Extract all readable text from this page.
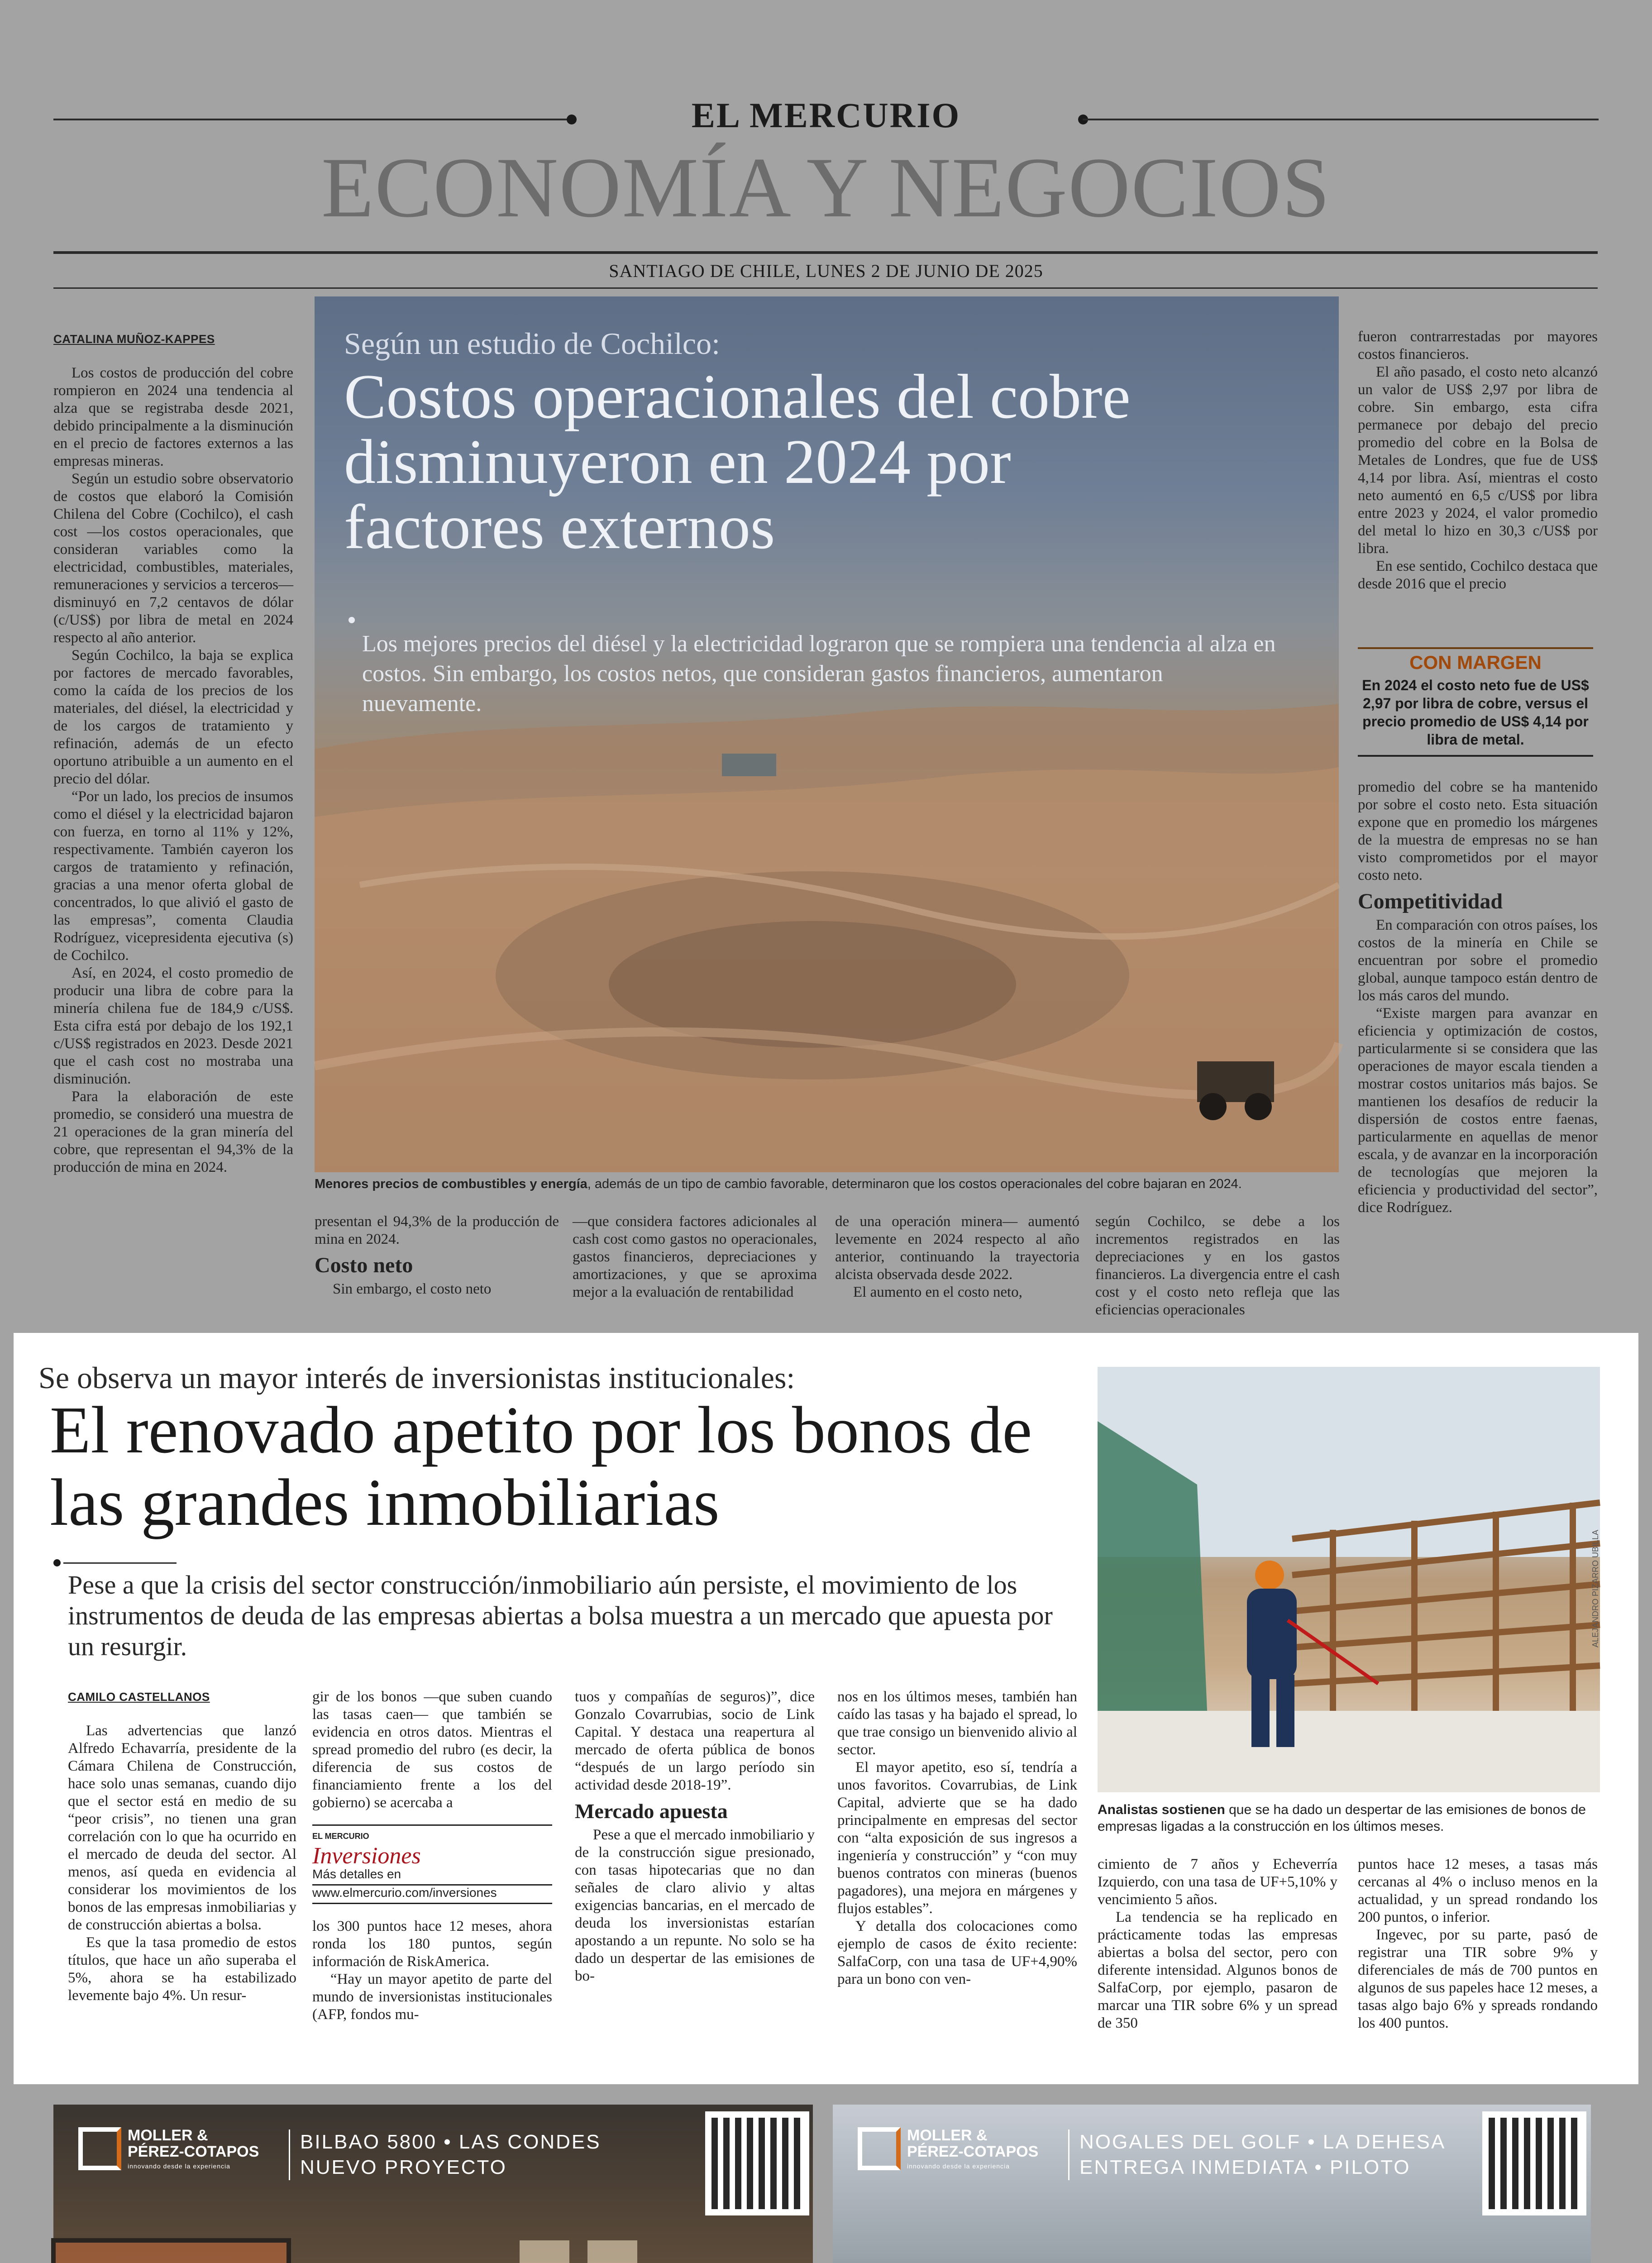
EL MERCURIO
ECONOMÍA Y NEGOCIOS
SANTIAGO DE CHILE, LUNES 2 DE JUNIO DE 2025

CATALINA MUÑOZ-KAPPES

Los costos de producción del cobre rompieron en 2024 una tendencia al alza que se registraba desde 2021, debido principalmente a la disminución en el precio de factores externos a las empresas mineras.

Según un estudio sobre observatorio de costos que elaboró la Comisión Chilena del Cobre (Cochilco), el cash cost —los costos operacionales, que consideran variables como la electricidad, combustibles, materiales, remuneraciones y servicios a terceros— disminuyó en 7,2 centavos de dólar (c/US$) por libra de metal en 2024 respecto al año anterior.

Según Cochilco, la baja se explica por factores de mercado favorables, como la caída de los precios de los materiales, del diésel, la electricidad y de los cargos de tratamiento y refinación, además de un efecto oportuno atribuible a un aumento en el precio del dólar.

“Por un lado, los precios de insumos como el diésel y la electricidad bajaron con fuerza, en torno al 11% y 12%, respectivamente. También cayeron los cargos de tratamiento y refinación, gracias a una menor oferta global de concentrados, lo que alivió el gasto de las empresas”, comenta Claudia Rodríguez, vicepresidenta ejecutiva (s) de Cochilco.

Así, en 2024, el costo promedio de producir una libra de cobre para la minería chilena fue de 184,9 c/US$. Esta cifra está por debajo de los 192,1 c/US$ registrados en 2023. Desde 2021 que el cash cost no mostraba una disminución.

Para la elaboración de este promedio, se consideró una muestra de 21 operaciones de la gran minería del cobre, que representan el 94,3% de la producción de mina en 2024.

Según un estudio de Cochilco:
Costos operacionales del cobre disminuyeron en 2024 por factores externos
Los mejores precios del diésel y la electricidad lograron que se rompiera una tendencia al alza en costos. Sin embargo, los costos netos, que consideran gastos financieros, aumentaron nuevamente.
Menores precios de combustibles y energía, además de un tipo de cambio favorable, determinaron que los costos operacionales del cobre bajaran en 2024.

presentan el 94,3% de la producción de mina en 2024.

Costo neto

Sin embargo, el costo neto

—que considera factores adicionales al cash cost como gastos no operacionales, gastos financieros, depreciaciones y amortizaciones, y que se aproxima mejor a la evaluación de rentabilidad

de una operación minera— aumentó levemente en 2024 respecto al año anterior, continuando la trayectoria alcista observada desde 2022.

El aumento en el costo neto,

según Cochilco, se debe a los incrementos registrados en las depreciaciones y en los gastos financieros. La divergencia entre el cash cost y el costo neto refleja que las eficiencias operacionales

fueron contrarrestadas por mayores costos financieros.

El año pasado, el costo neto alcanzó un valor de US$ 2,97 por libra de cobre. Sin embargo, esta cifra permanece por debajo del precio promedio del cobre en la Bolsa de Metales de Londres, que fue de US$ 4,14 por libra. Así, mientras el costo neto aumentó en 6,5 c/US$ por libra entre 2023 y 2024, el valor promedio del metal lo hizo en 30,3 c/US$ por libra.

En ese sentido, Cochilco destaca que desde 2016 que el precio

CON MARGEN
En 2024 el costo neto fue de US$ 2,97 por libra de cobre, versus el precio promedio de US$ 4,14 por libra de metal.

promedio del cobre se ha mantenido por sobre el costo neto. Esta situación expone que en promedio los márgenes de la muestra de empresas no se han visto comprometidos por el mayor costo neto.

Competitividad

En comparación con otros países, los costos de la minería en Chile se encuentran por sobre el promedio global, aunque tampoco están dentro de los más caros del mundo.

“Existe margen para avanzar en eficiencia y optimización de costos, particularmente si se considera que las operaciones de mayor escala tienden a mostrar costos unitarios más bajos. Se mantienen los desafíos de reducir la dispersión de costos entre faenas, particularmente en aquellas de menor escala, y de avanzar en la incorporación de tecnologías que mejoren la eficiencia y productividad del sector”, dice Rodríguez.

Se observa un mayor interés de inversionistas institucionales:
El renovado apetito por los bonos de las grandes inmobiliarias

Pese a que la crisis del sector construcción/inmobiliario aún persiste, el movimiento de los instrumentos de deuda de las empresas abiertas a bolsa muestra a un mercado que apuesta por un resurgir.

CAMILO CASTELLANOS

Las advertencias que lanzó Alfredo Echavarría, presidente de la Cámara Chilena de Construcción, hace solo unas semanas, cuando dijo que el sector está en medio de su “peor crisis”, no tienen una gran correlación con lo que ha ocurrido en el mercado de deuda del sector. Al menos, así queda en evidencia al considerar los movimientos de los bonos de las empresas inmobiliarias y de construcción abiertas a bolsa.

Es que la tasa promedio de estos títulos, que hace un año superaba el 5%, ahora se ha estabilizado levemente bajo 4%. Un resur-

gir de los bonos —que suben cuando las tasas caen— que también se evidencia en otros datos. Mientras el spread promedio del rubro (es decir, la diferencia de sus costos de financiamiento frente a los del gobierno) se acercaba a

EL MERCURIO
Inversiones
Más detalles en
www.elmercurio.com/inversiones

los 300 puntos hace 12 meses, ahora ronda los 180 puntos, según información de RiskAmerica.

“Hay un mayor apetito de parte del mundo de inversionistas institucionales (AFP, fondos mu-

tuos y compañías de seguros)”, dice Gonzalo Covarrubias, socio de Link Capital. Y destaca una reapertura al mercado de oferta pública de bonos “después de un largo período sin actividad desde 2018-19”.

Mercado apuesta

Pese a que el mercado inmobiliario y de la construcción sigue presionado, con tasas hipotecarias que no dan señales de claro alivio y altas exigencias bancarias, en el mercado de deuda los inversionistas estarían apostando a un repunte. No solo se ha dado un despertar de las emisiones de bo-

nos en los últimos meses, también han caído las tasas y ha bajado el spread, lo que trae consigo un bienvenido alivio al sector.

El mayor apetito, eso sí, tendría a unos favoritos. Covarrubias, de Link Capital, advierte que se ha dado principalmente en empresas del sector con “alta exposición de sus ingresos a ingeniería y construcción” y “con muy buenos contratos con mineras (buenos pagadores), una mejora en márgenes y flujos estables”.

Y detalla dos colocaciones como ejemplo de casos de éxito reciente: SalfaCorp, con una tasa de UF+4,90% para un bono con ven-

ALEJANDRO PIZARRO UBILLA
Analistas sostienen que se ha dado un despertar de las emisiones de bonos de empresas ligadas a la construcción en los últimos meses.

cimiento de 7 años y Echeverría Izquierdo, con una tasa de UF+5,10% y vencimiento 5 años.

La tendencia se ha replicado en prácticamente todas las empresas abiertas a bolsa del sector, pero con diferente intensidad. Algunos bonos de SalfaCorp, por ejemplo, pasaron de marcar una TIR sobre 6% y un spread de 350

puntos hace 12 meses, a tasas más cercanas al 4% o incluso menos en la actualidad, y un spread rondando los 200 puntos, o inferior.

Ingevec, por su parte, pasó de registrar una TIR sobre 9% y diferenciales de más de 700 puntos en algunos de sus papeles hace 12 meses, a tasas algo bajo 6% y spreads rondando los 400 puntos.

MOLLER &
PÉREZ-COTAPOS
innovando desde la experiencia
BILBAO 5800 • LAS CONDES
NUEVO PROYECTO
MOLLER &
PÉREZ-COTAPOS
innovando desde la experiencia
NOGALES DEL GOLF • LA DEHESA
ENTREGA INMEDIATA • PILOTO
